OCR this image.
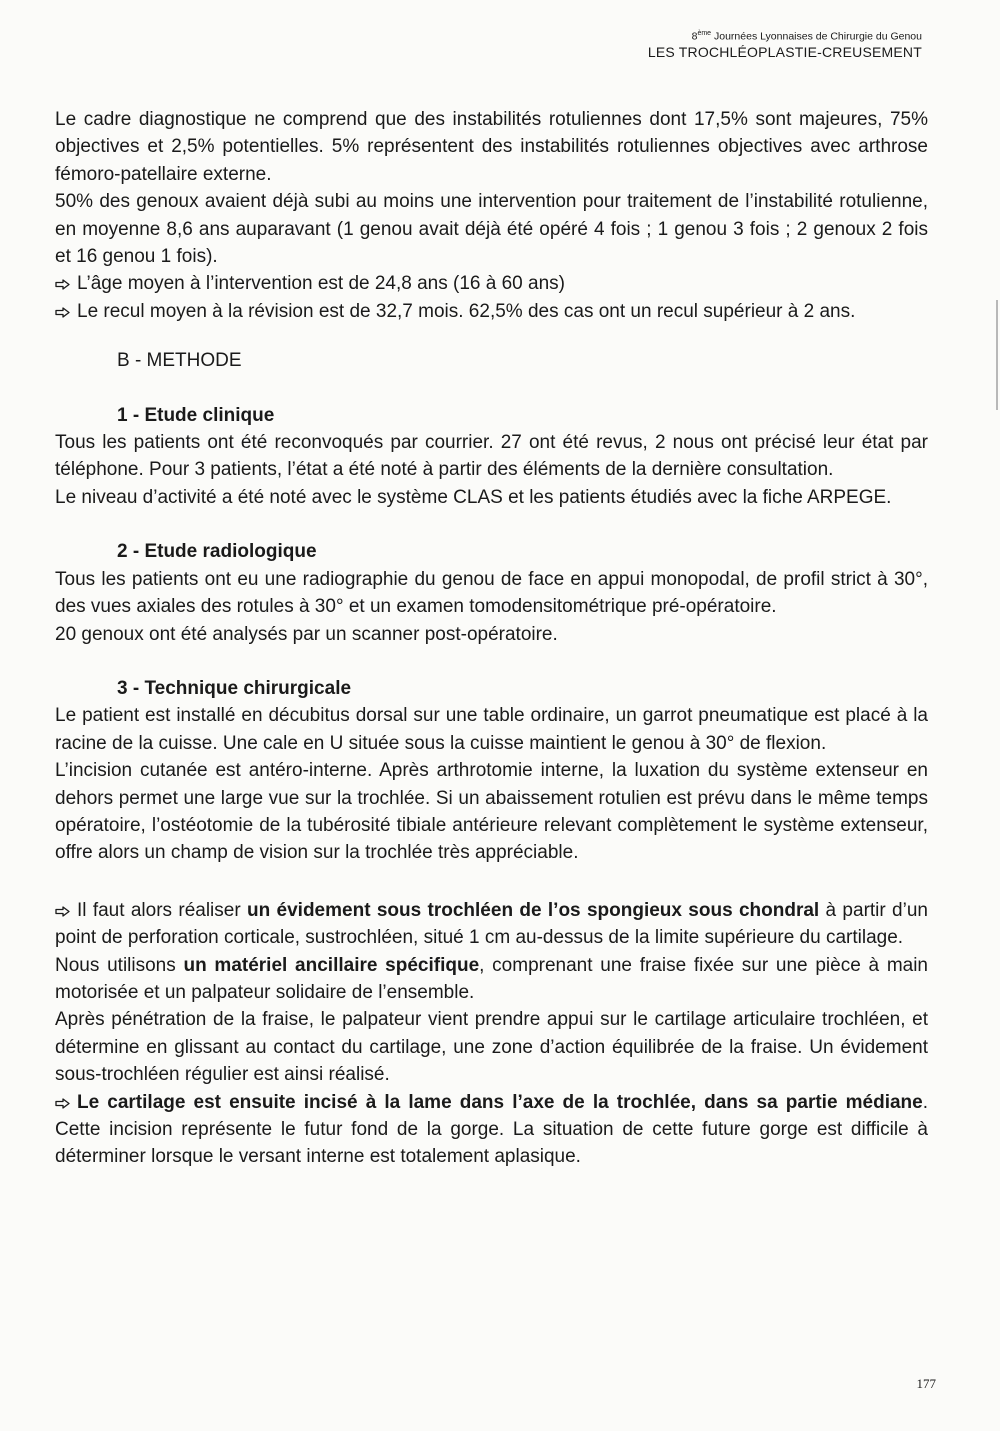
8ème Journées Lyonnaises de Chirurgie du Genou
LES TROCHLÉOPLASTIE-CREUSEMENT

Le cadre diagnostique ne comprend que des instabilités rotuliennes dont 17,5% sont majeures, 75% objectives et 2,5% potentielles. 5% représentent des instabilités rotuliennes objectives avec arthrose fémoro-patellaire externe.

50% des genoux avaient déjà subi au moins une intervention pour traitement de l’instabilité rotulienne, en moyenne 8,6 ans auparavant (1 genou avait déjà été opéré 4 fois ; 1 genou 3 fois ; 2 genoux 2 fois et 16 genou 1 fois).

L’âge moyen à l’intervention est de 24,8 ans (16 à 60 ans)

Le recul moyen à la révision est de 32,7 mois. 62,5% des cas ont un recul supérieur à 2 ans.

B - METHODE
1 - Etude clinique

Tous les patients ont été reconvoqués par courrier. 27 ont été revus, 2 nous ont précisé leur état par téléphone. Pour 3 patients, l’état a été noté à partir des éléments de la dernière consultation.

Le niveau d’activité a été noté avec le système CLAS et les patients étudiés avec la fiche ARPEGE.

2 - Etude radiologique

Tous les patients ont eu une radiographie du genou de face en appui monopodal, de profil strict à 30°, des vues axiales des rotules à 30° et un examen tomodensitométrique pré-opératoire.

20 genoux ont été analysés par un scanner post-opératoire.

3 - Technique chirurgicale

Le patient est installé en décubitus dorsal sur une table ordinaire, un garrot pneumatique est placé à la racine de la cuisse. Une cale en U située sous la cuisse maintient le genou à 30° de flexion.

L’incision cutanée est antéro-interne. Après arthrotomie interne, la luxation du système extenseur en dehors permet une large vue sur la trochlée. Si un abaissement rotulien est prévu dans le même temps opératoire, l’ostéotomie de la tubérosité tibiale antérieure relevant complètement le système extenseur, offre alors un champ de vision sur la trochlée très appréciable.

Il faut alors réaliser un évidement sous trochléen de l’os spongieux sous chondral à partir d’un point de perforation corticale, sustrochléen, situé 1 cm au-dessus de la limite supérieure du cartilage.

Nous utilisons un matériel ancillaire spécifique, comprenant une fraise fixée sur une pièce à main motorisée et un palpateur solidaire de l’ensemble.

Après pénétration de la fraise, le palpateur vient prendre appui sur le cartilage articulaire trochléen, et détermine en glissant au contact du cartilage, une zone d’action équilibrée de la fraise. Un évidement sous-trochléen régulier est ainsi réalisé.

Le cartilage est ensuite incisé à la lame dans l’axe de la trochlée, dans sa partie médiane. Cette incision représente le futur fond de la gorge. La situation de cette future gorge est difficile à déterminer lorsque le versant interne est totalement aplasique.

177
